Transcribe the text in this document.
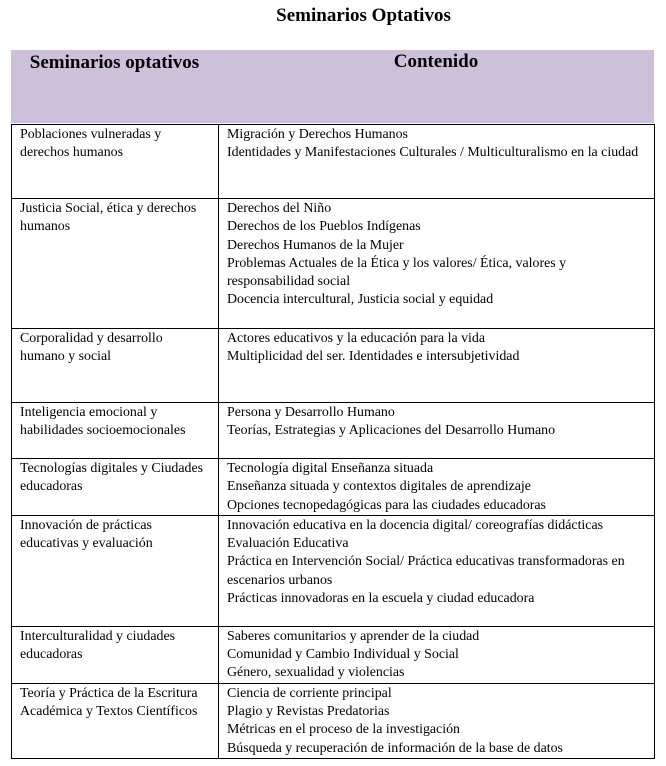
Seminarios Optativos
Seminarios optativos	Contenido
Poblaciones vulneradas y derechos humanos	Migración y Derechos Humanos
Identidades y Manifestaciones Culturales / Multiculturalismo en la ciudad

Justicia Social, ética y derechos humanos	Derechos del Niño
Derechos de los Pueblos Indígenas
Derechos Humanos de la Mujer
Problemas Actuales de la Ética y los valores/ Ética, valores y responsabilidad social
Docencia intercultural, Justicia social y equidad

Corporalidad y desarrollo humano y social	Actores educativos y la educación para la vida
Multiplicidad del ser. Identidades e intersubjetividad

Inteligencia emocional y habilidades socioemocionales	Persona y Desarrollo Humano
Teorías, Estrategias y Aplicaciones del Desarrollo Humano

Tecnologías digitales y Ciudades educadoras	Tecnología digital Enseñanza situada
Enseñanza situada y contextos digitales de aprendizaje
Opciones tecnopedagógicas para las ciudades educadoras

Innovación de prácticas educativas y evaluación	Innovación educativa en la docencia digital/ coreografías didácticas
Evaluación Educativa
Práctica en Intervención Social/ Práctica educativas transformadoras en escenarios urbanos
Prácticas innovadoras en la escuela y ciudad educadora

Interculturalidad y ciudades educadoras	Saberes comunitarios y aprender de la ciudad
Comunidad y Cambio Individual y Social
Género, sexualidad y violencias

Teoría y Práctica de la Escritura Académica y Textos Científicos	Ciencia de corriente principal
Plagio y Revistas Predatorias
Métricas en el proceso de la investigación
Búsqueda y recuperación de información de la base de datos
